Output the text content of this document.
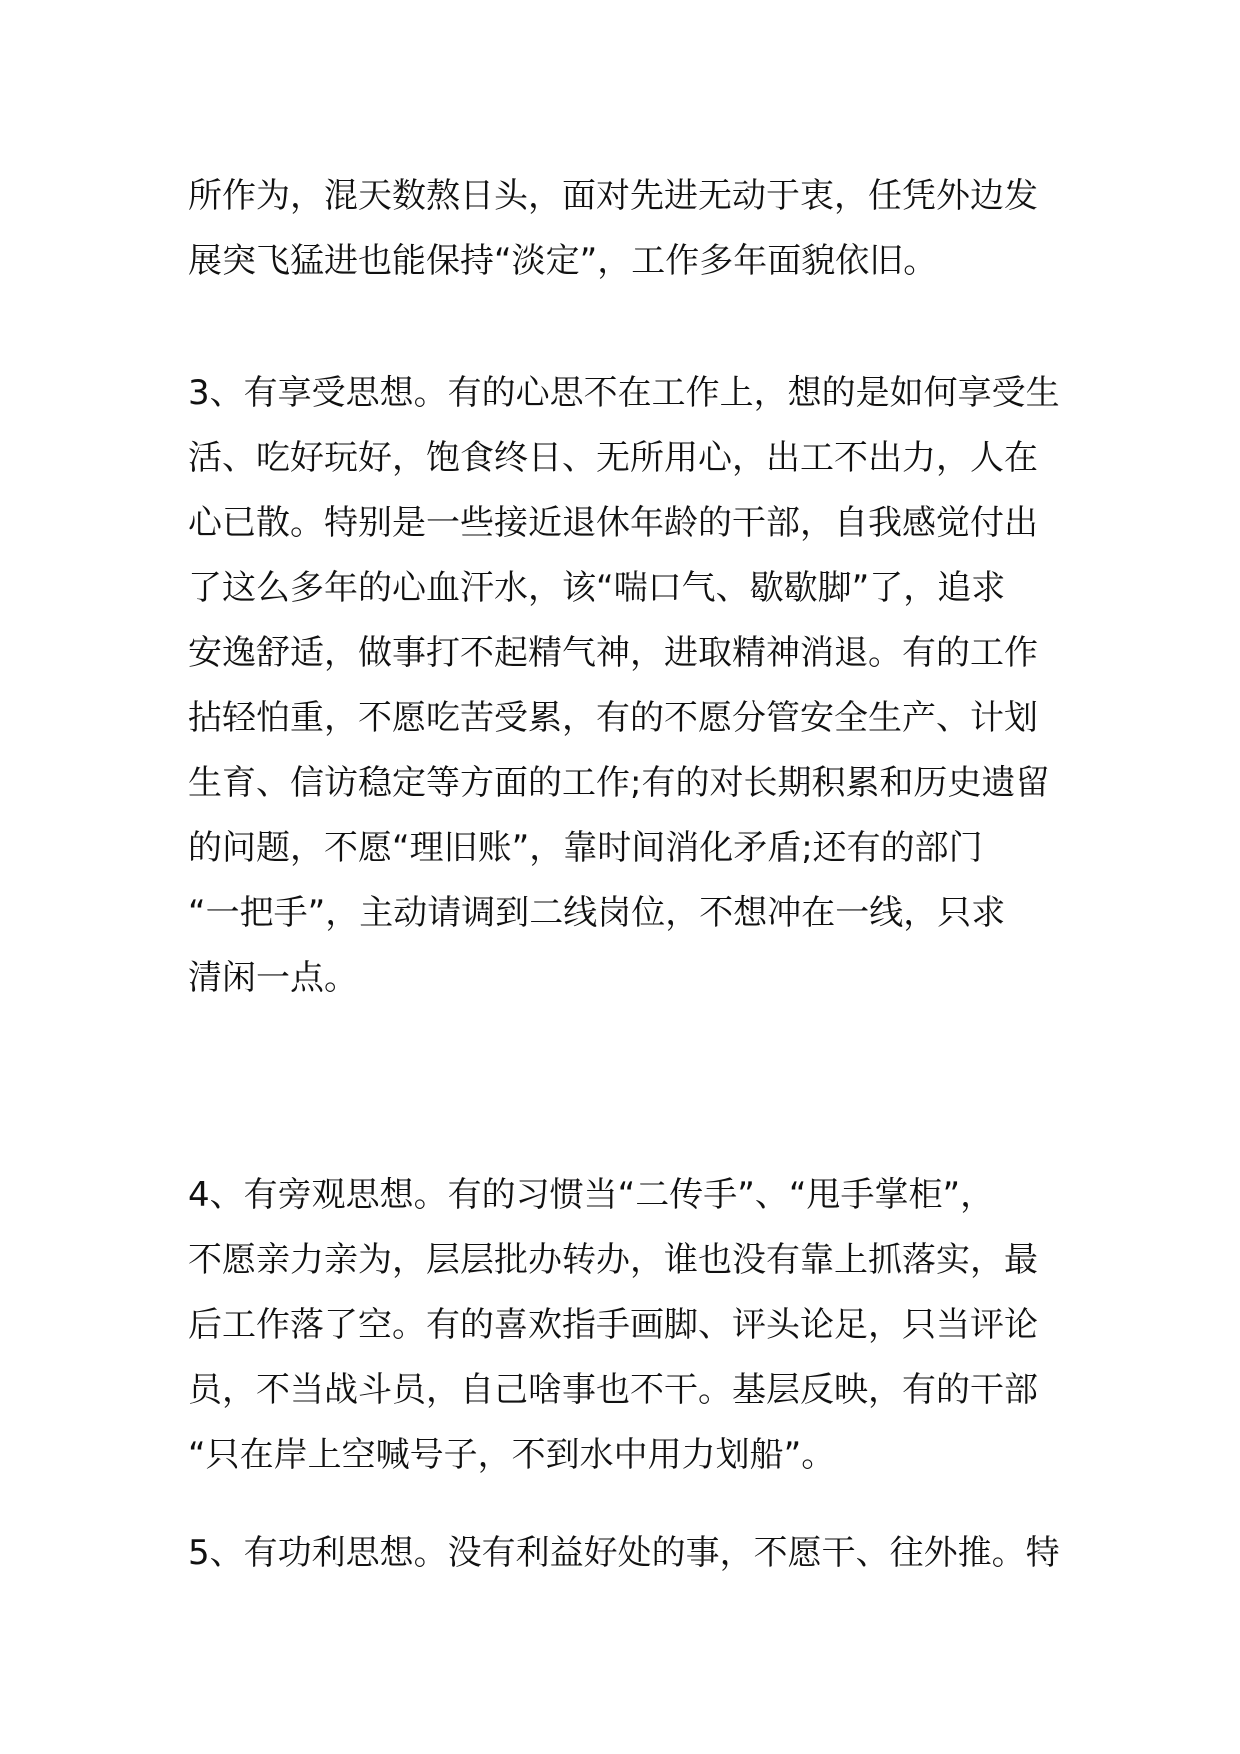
所作为，混天数熬日头，面对先进无动于衷，任凭外边发
展突飞猛进也能保持“淡定”，工作多年面貌依旧。

3、有享受思想。有的心思不在工作上，想的是如何享受生
活、吃好玩好，饱食终日、无所用心，出工不出力，人在
心已散。特别是一些接近退休年龄的干部，自我感觉付出
了这么多年的心血汗水，该“喘口气、歇歇脚”了，追求
安逸舒适，做事打不起精气神，进取精神消退。有的工作
拈轻怕重，不愿吃苦受累，有的不愿分管安全生产、计划
生育、信访稳定等方面的工作;有的对长期积累和历史遗留
的问题，不愿“理旧账”，靠时间消化矛盾;还有的部门
“一把手”，主动请调到二线岗位，不想冲在一线，只求
清闲一点。

4、有旁观思想。有的习惯当“二传手”、“甩手掌柜”，
不愿亲力亲为，层层批办转办，谁也没有靠上抓落实，最
后工作落了空。有的喜欢指手画脚、评头论足，只当评论
员，不当战斗员，自己啥事也不干。基层反映，有的干部
“只在岸上空喊号子，不到水中用力划船”。

5、有功利思想。没有利益好处的事，不愿干、往外推。特
